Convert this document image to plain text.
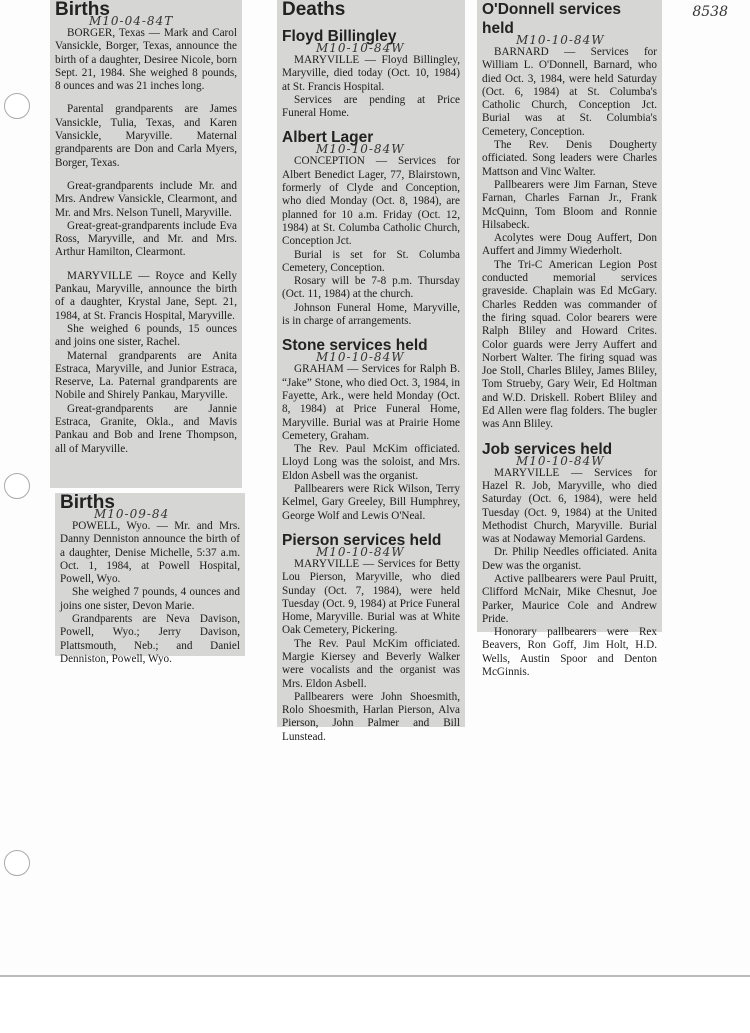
8538
Births
M10-04-84T

BORGER, Texas — Mark and Carol Vansickle, Borger, Texas, announce the birth of a daughter, Desiree Nicole, born Sept. 21, 1984. She weighed 8 pounds, 8 ounces and was 21 inches long.

Parental grandparents are James Vansickle, Tulia, Texas, and Karen Vansickle, Maryville. Maternal grandparents are Don and Carla Myers, Borger, Texas.

Great-grandparents include Mr. and Mrs. Andrew Vansickle, Clearmont, and Mr. and Mrs. Nelson Tunell, Maryville.

Great-great-grandparents include Eva Ross, Maryville, and Mr. and Mrs. Arthur Hamilton, Clearmont.

MARYVILLE — Royce and Kelly Pankau, Maryville, announce the birth of a daughter, Krystal Jane, Sept. 21, 1984, at St. Francis Hospital, Maryville.

She weighed 6 pounds, 15 ounces and joins one sister, Rachel.

Maternal grandparents are Anita Estraca, Maryville, and Junior Estraca, Reserve, La. Paternal grandparents are Nobile and Shirely Pankau, Maryville.

Great-grandparents are Jannie Estraca, Granite, Okla., and Mavis Pankau and Bob and Irene Thompson, all of Maryville.

Births
M10-09-84

POWELL, Wyo. — Mr. and Mrs. Danny Denniston announce the birth of a daughter, Denise Michelle, 5:37 a.m. Oct. 1, 1984, at Powell Hospital, Powell, Wyo.

She weighed 7 pounds, 4 ounces and joins one sister, Devon Marie.

Grandparents are Neva Davison, Powell, Wyo.; Jerry Davison, Plattsmouth, Neb.; and Daniel Denniston, Powell, Wyo.

Deaths
Floyd Billingley
M10-10-84W

MARYVILLE — Floyd Billingley, Maryville, died today (Oct. 10, 1984) at St. Francis Hospital.

Services are pending at Price Funeral Home.

Albert Lager
M10-10-84W

CONCEPTION — Services for Albert Benedict Lager, 77, Blairstown, formerly of Clyde and Conception, who died Monday (Oct. 8, 1984), are planned for 10 a.m. Friday (Oct. 12, 1984) at St. Columba Catholic Church, Conception Jct.

Burial is set for St. Columba Cemetery, Conception.

Rosary will be 7-8 p.m. Thursday (Oct. 11, 1984) at the church.

Johnson Funeral Home, Maryville, is in charge of arrangements.

Stone services held
M10-10-84W

GRAHAM — Services for Ralph B. “Jake” Stone, who died Oct. 3, 1984, in Fayette, Ark., were held Monday (Oct. 8, 1984) at Price Funeral Home, Maryville. Burial was at Prairie Home Cemetery, Graham.

The Rev. Paul McKim officiated. Lloyd Long was the soloist, and Mrs. Eldon Asbell was the organist.

Pallbearers were Rick Wilson, Terry Kelmel, Gary Greeley, Bill Humphrey, George Wolf and Lewis O'Neal.

Pierson services held
M10-10-84W

MARYVILLE — Services for Betty Lou Pierson, Maryville, who died Sunday (Oct. 7, 1984), were held Tuesday (Oct. 9, 1984) at Price Funeral Home, Maryville. Burial was at White Oak Cemetery, Pickering.

The Rev. Paul McKim officiated. Margie Kiersey and Beverly Walker were vocalists and the organist was Mrs. Eldon Asbell.

Pallbearers were John Shoesmith, Rolo Shoesmith, Harlan Pierson, Alva Pierson, John Palmer and Bill Lunstead.

O'Donnell services held
M10-10-84W

BARNARD — Services for William L. O'Donnell, Barnard, who died Oct. 3, 1984, were held Saturday (Oct. 6, 1984) at St. Columba's Catholic Church, Conception Jct. Burial was at St. Columbia's Cemetery, Conception.

The Rev. Denis Dougherty officiated. Song leaders were Charles Mattson and Vinc Walter.

Pallbearers were Jim Farnan, Steve Farnan, Charles Farnan Jr., Frank McQuinn, Tom Bloom and Ronnie Hilsabeck.

Acolytes were Doug Auffert, Don Auffert and Jimmy Wiederholt.

The Tri-C American Legion Post conducted memorial services graveside. Chaplain was Ed McGary. Charles Redden was commander of the firing squad. Color bearers were Ralph Bliley and Howard Crites. Color guards were Jerry Auffert and Norbert Walter. The firing squad was Joe Stoll, Charles Bliley, James Bliley, Tom Strueby, Gary Weir, Ed Holtman and W.D. Driskell. Robert Bliley and Ed Allen were flag folders. The bugler was Ann Bliley.

Job services held
M10-10-84W

MARYVILLE — Services for Hazel R. Job, Maryville, who died Saturday (Oct. 6, 1984), were held Tuesday (Oct. 9, 1984) at the United Methodist Church, Maryville. Burial was at Nodaway Memorial Gardens.

Dr. Philip Needles officiated. Anita Dew was the organist.

Active pallbearers were Paul Pruitt, Clifford McNair, Mike Chesnut, Joe Parker, Maurice Cole and Andrew Pride.

Honorary pallbearers were Rex Beavers, Ron Goff, Jim Holt, H.D. Wells, Austin Spoor and Denton McGinnis.
